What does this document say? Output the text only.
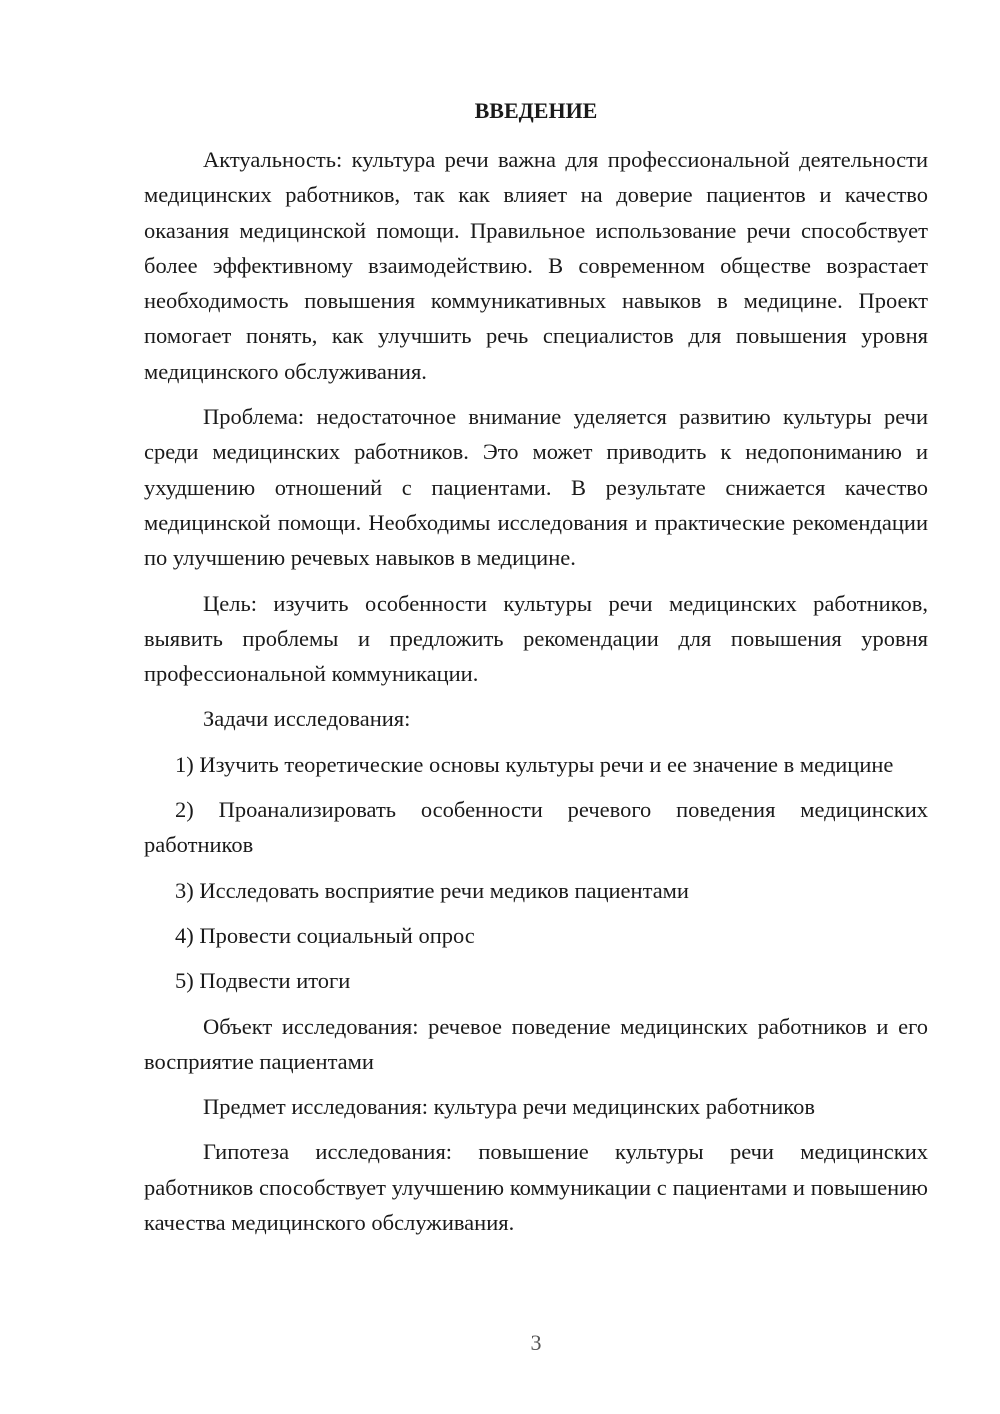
ВВЕДЕНИЕ

Актуальность: культура речи важна для профессиональной деятельности медицинских работников, так как влияет на доверие пациентов и качество оказания медицинской помощи. Правильное использование речи способствует более эффективному взаимодействию. В современном обществе возрастает необходимость повышения коммуникативных навыков в медицине. Проект помогает понять, как улучшить речь специалистов для повышения уровня медицинского обслуживания.

Проблема: недостаточное внимание уделяется развитию культуры речи среди медицинских работников. Это может приводить к недопониманию и ухудшению отношений с пациентами. В результате снижается качество медицинской помощи. Необходимы исследования и практические рекомендации по улучшению речевых навыков в медицине.

Цель: изучить особенности культуры речи медицинских работников, выявить проблемы и предложить рекомендации для повышения уровня профессиональной коммуникации.

Задачи исследования:

1) Изучить теоретические основы культуры речи и ее значение в медицине

2) Проанализировать особенности речевого поведения медицинских работников

3) Исследовать восприятие речи медиков пациентами

4) Провести социальный опрос

5) Подвести итоги

Объект исследования: речевое поведение медицинских работников и его восприятие пациентами

Предмет исследования: культура речи медицинских работников

Гипотеза исследования: повышение культуры речи медицинских работников способствует улучшению коммуникации с пациентами и повышению качества медицинского обслуживания.

3
